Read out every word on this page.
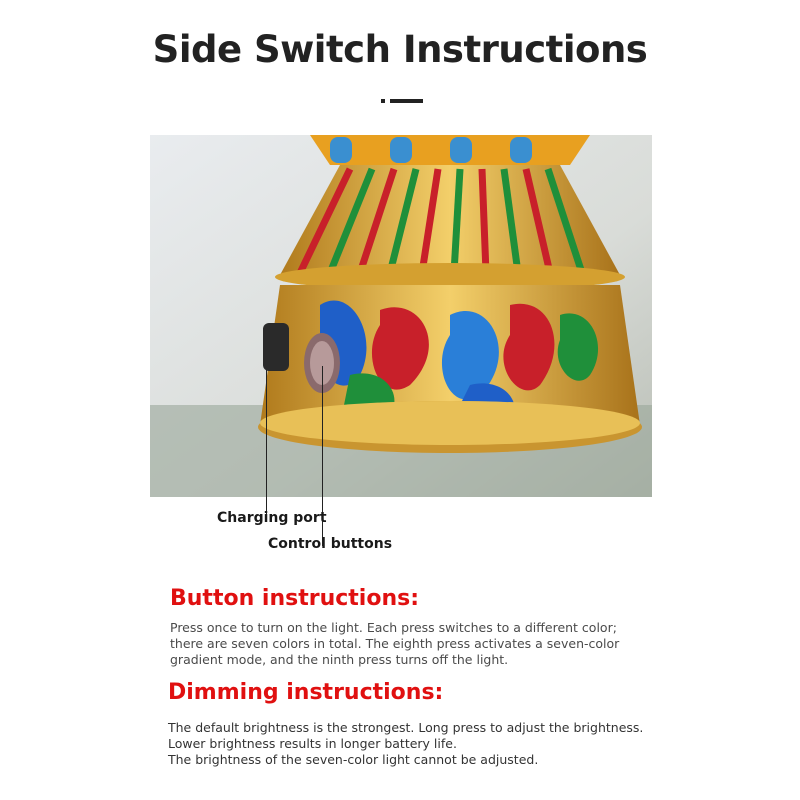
Side Switch Instructions
Charging port
Control buttons
Button instructions:
Press once to turn on the light. Each press switches to a different color; there are seven colors in total. The eighth press activates a seven-color gradient mode, and the ninth press turns off the light.
Dimming instructions:
The default brightness is the strongest. Long press to adjust the brightness.
Lower brightness results in longer battery life.
The brightness of the seven-color light cannot be adjusted.
